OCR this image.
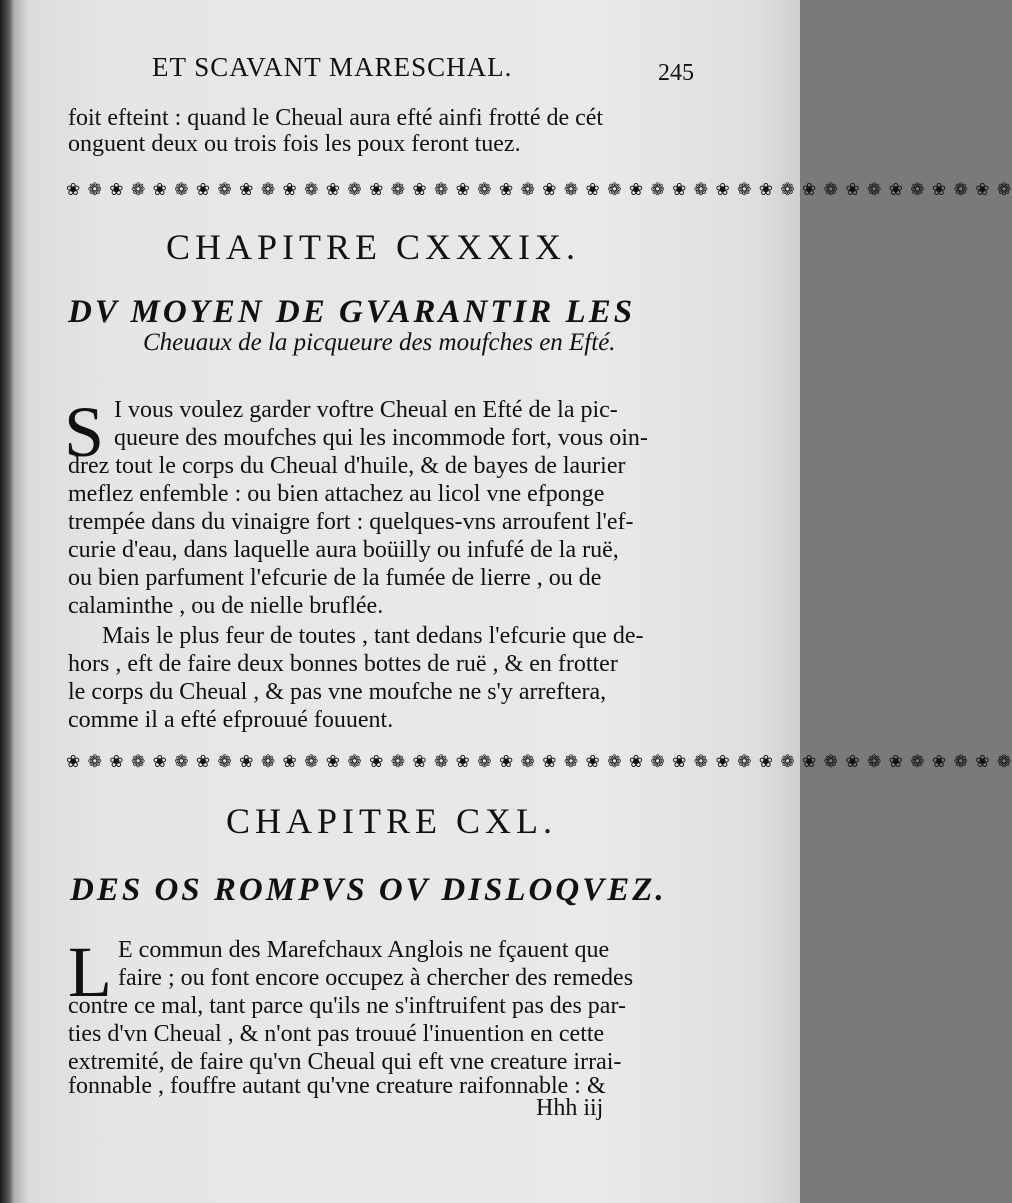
ET SCAVANT MARESCHAL.	245
foit efteint : quand le Cheual aura efté ainfi frotté de cét
onguent deux ou trois fois les poux feront tuez.
❀ ❁ ❀ ❁ ❀ ❁ ❀ ❁ ❀ ❁ ❀ ❁ ❀ ❁ ❀ ❁ ❀ ❁ ❀ ❁ ❀ ❁ ❀ ❁ ❀ ❁ ❀ ❁ ❀ ❁ ❀ ❁ ❀ ❁ ❀ ❁ ❀ ❁ ❀ ❁ ❀ ❁ ❀ ❁
CHAPITRE CXXXIX.
DV MOYEN DE GVARANTIR LES
Cheuaux de la picqueure des moufches en Efté.
S I vous voulez garder voftre Cheual en Efté de la pic-
queure des moufches qui les incommode fort, vous oin-
drez tout le corps du Cheual d'huile, & de bayes de laurier
meflez enfemble : ou bien attachez au licol vne efponge
trempée dans du vinaigre fort : quelques-vns arroufent l'ef-
curie d'eau, dans laquelle aura boüilly ou infufé de la ruë,
ou bien parfument l'efcurie de la fumée de lierre , ou de
calaminthe , ou de nielle bruflée.
Mais le plus feur de toutes , tant dedans l'efcurie que de-
hors , eft de faire deux bonnes bottes de ruë , & en frotter
le corps du Cheual , & pas vne moufche ne s'y arreftera,
comme il a efté efprouué fouuent.
❀ ❁ ❀ ❁ ❀ ❁ ❀ ❁ ❀ ❁ ❀ ❁ ❀ ❁ ❀ ❁ ❀ ❁ ❀ ❁ ❀ ❁ ❀ ❁ ❀ ❁ ❀ ❁ ❀ ❁ ❀ ❁ ❀ ❁ ❀ ❁ ❀ ❁ ❀ ❁ ❀ ❁ ❀ ❁
CHAPITRE CXL.
DES OS ROMPVS OV DISLOQVEZ.
L E commun des Marefchaux Anglois ne fçauent que
faire ; ou font encore occupez à chercher des remedes
contre ce mal, tant parce qu'ils ne s'inftruifent pas des par-
ties d'vn Cheual , & n'ont pas trouué l'inuention en cette
extremité, de faire qu'vn Cheual qui eft vne creature irrai-
fonnable , fouffre autant qu'vne creature raifonnable : &
Hhh iij
